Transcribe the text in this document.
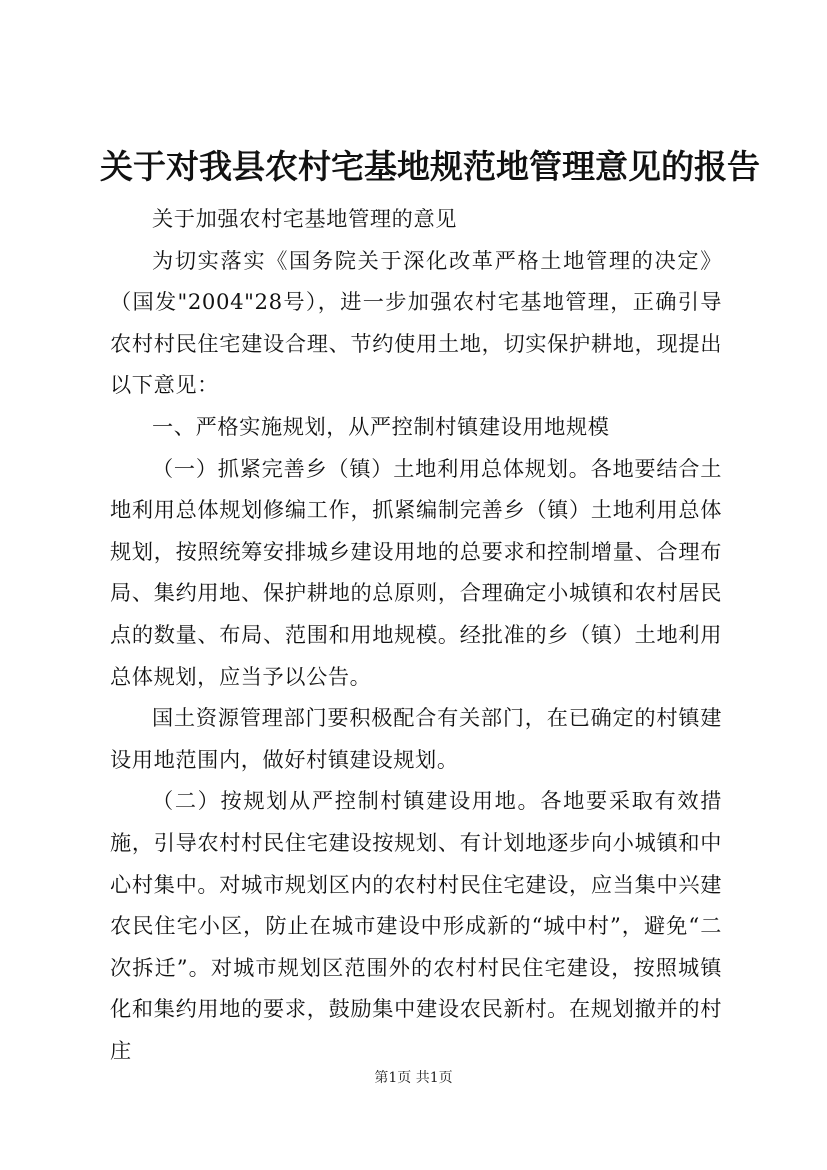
关于对我县农村宅基地规范地管理意见的报告

关于加强农村宅基地管理的意见

为切实落实《国务院关于深化改革严格土地管理的决定》（国发"2004"28号），进一步加强农村宅基地管理，正确引导农村村民住宅建设合理、节约使用土地，切实保护耕地，现提出以下意见：

一、严格实施规划，从严控制村镇建设用地规模

（一）抓紧完善乡（镇）土地利用总体规划。各地要结合土地利用总体规划修编工作，抓紧编制完善乡（镇）土地利用总体规划，按照统筹安排城乡建设用地的总要求和控制增量、合理布局、集约用地、保护耕地的总原则，合理确定小城镇和农村居民点的数量、布局、范围和用地规模。经批准的乡（镇）土地利用总体规划，应当予以公告。

国土资源管理部门要积极配合有关部门，在已确定的村镇建设用地范围内，做好村镇建设规划。

（二）按规划从严控制村镇建设用地。各地要采取有效措施，引导农村村民住宅建设按规划、有计划地逐步向小城镇和中心村集中。对城市规划区内的农村村民住宅建设，应当集中兴建农民住宅小区，防止在城市建设中形成新的“城中村”，避免“二次拆迁”。对城市规划区范围外的农村村民住宅建设，按照城镇化和集约用地的要求，鼓励集中建设农民新村。在规划撤并的村庄

第1页 共1页
